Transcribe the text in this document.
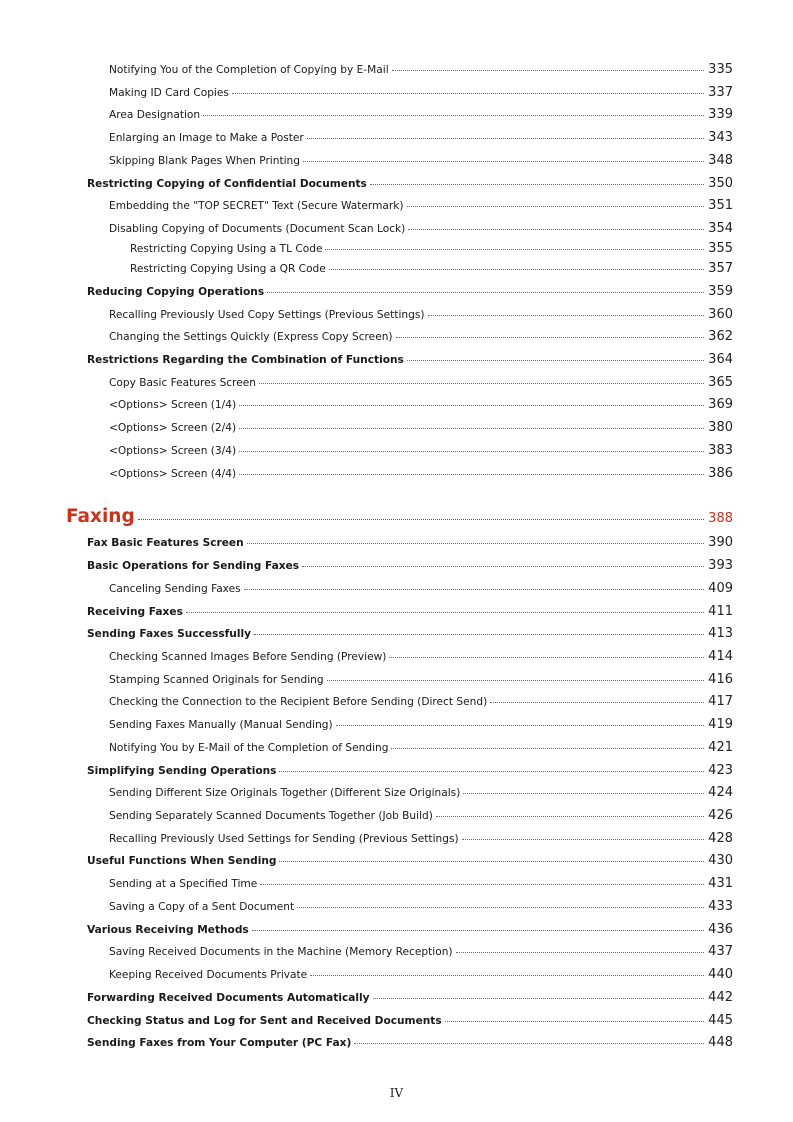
Notifying You of the Completion of Copying by E-Mail	335
Making ID Card Copies	337
Area Designation	339
Enlarging an Image to Make a Poster	343
Skipping Blank Pages When Printing	348
Restricting Copying of Confidential Documents	350
Embedding the "TOP SECRET" Text (Secure Watermark)	351
Disabling Copying of Documents (Document Scan Lock)	354
Restricting Copying Using a TL Code	355
Restricting Copying Using a QR Code	357
Reducing Copying Operations	359
Recalling Previously Used Copy Settings (Previous Settings)	360
Changing the Settings Quickly (Express Copy Screen)	362
Restrictions Regarding the Combination of Functions	364
Copy Basic Features Screen	365
<Options> Screen (1/4)	369
<Options> Screen (2/4)	380
<Options> Screen (3/4)	383
<Options> Screen (4/4)	386
Faxing	388
Fax Basic Features Screen	390
Basic Operations for Sending Faxes	393
Canceling Sending Faxes	409
Receiving Faxes	411
Sending Faxes Successfully	413
Checking Scanned Images Before Sending (Preview)	414
Stamping Scanned Originals for Sending	416
Checking the Connection to the Recipient Before Sending (Direct Send)	417
Sending Faxes Manually (Manual Sending)	419
Notifying You by E-Mail of the Completion of Sending	421
Simplifying Sending Operations	423
Sending Different Size Originals Together (Different Size Originals)	424
Sending Separately Scanned Documents Together (Job Build)	426
Recalling Previously Used Settings for Sending (Previous Settings)	428
Useful Functions When Sending	430
Sending at a Specified Time	431
Saving a Copy of a Sent Document	433
Various Receiving Methods	436
Saving Received Documents in the Machine (Memory Reception)	437
Keeping Received Documents Private	440
Forwarding Received Documents Automatically	442
Checking Status and Log for Sent and Received Documents	445
Sending Faxes from Your Computer (PC Fax)	448
IV
